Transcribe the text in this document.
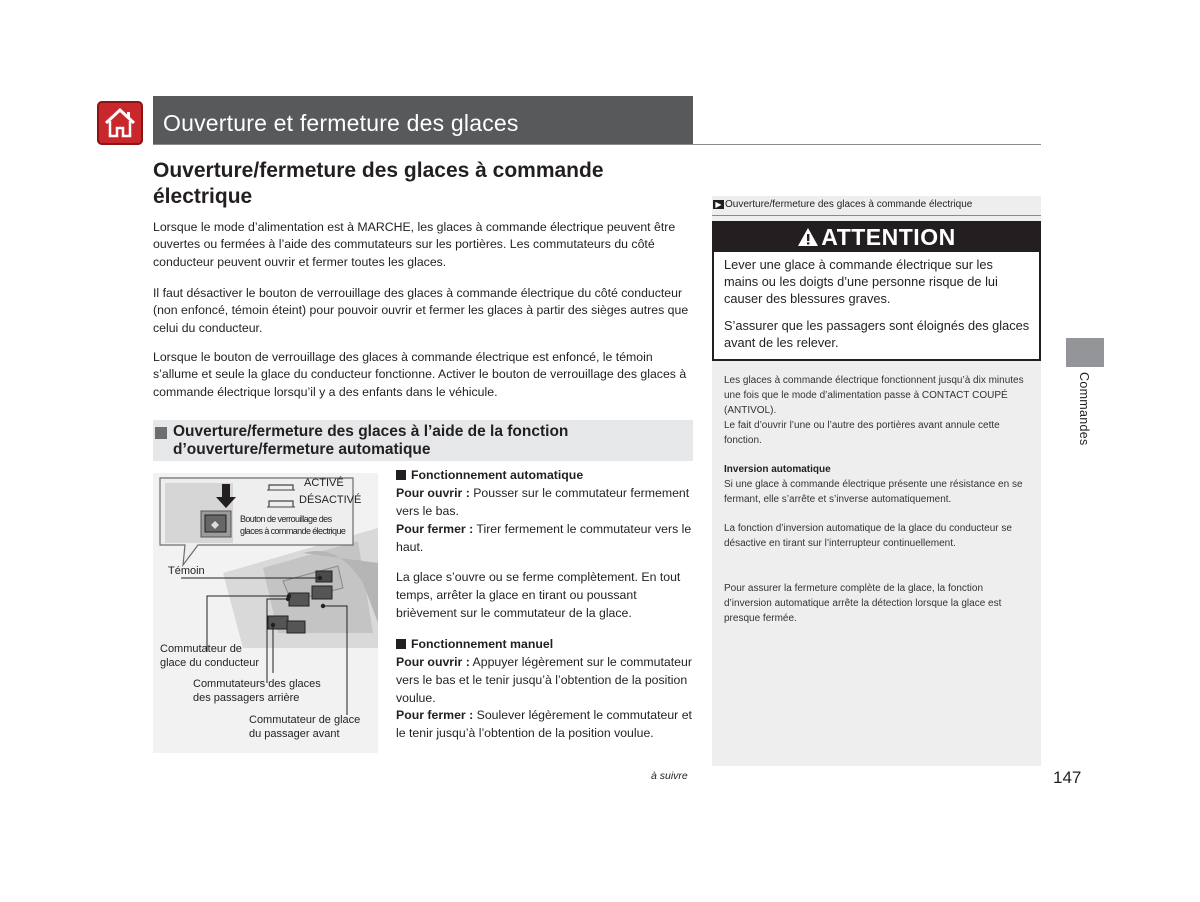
Ouverture et fermeture des glaces
Ouverture/fermeture des glaces à commande électrique

Lorsque le mode d’alimentation est à MARCHE, les glaces à commande électrique peuvent être ouvertes ou fermées à l’aide des commutateurs sur les portières. Les commutateurs du côté conducteur peuvent ouvrir et fermer toutes les glaces.

Il faut désactiver le bouton de verrouillage des glaces à commande électrique du côté conducteur (non enfoncé, témoin éteint) pour pouvoir ouvrir et fermer les glaces à partir des sièges autres que celui du conducteur.

Lorsque le bouton de verrouillage des glaces à commande électrique est enfoncé, le témoin s’allume et seule la glace du conducteur fonctionne. Activer le bouton de verrouillage des glaces à commande électrique lorsqu’il y a des enfants dans le véhicule.

Ouverture/fermeture des glaces à l’aide de la fonction
d’ouverture/fermeture automatique
ACTIVÉ
DÉSACTIVÉ
Bouton de verrouillage des
glaces à commande électrique
Témoin
Commutateur de
glace du conducteur
Commutateurs des glaces
des passagers arrière
Commutateur de glace
du passager avant
Fonctionnement automatique

Pour ouvrir : Pousser sur le commutateur fermement vers le bas.

Pour fermer : Tirer fermement le commutateur vers le haut.

La glace s’ouvre ou se ferme complètement. En tout temps, arrêter la glace en tirant ou poussant brièvement sur le commutateur de la glace.

Fonctionnement manuel

Pour ouvrir : Appuyer légèrement sur le commutateur vers le bas et le tenir jusqu’à l’obtention de la position voulue.

Pour fermer : Soulever légèrement le commutateur et le tenir jusqu’à l’obtention de la position voulue.

▶ Ouverture/fermeture des glaces à commande électrique
ATTENTION

Lever une glace à commande électrique sur les mains ou les doigts d’une personne risque de lui causer des blessures graves.

S’assurer que les passagers sont éloignés des glaces avant de les relever.

Les glaces à commande électrique fonctionnent jusqu’à dix minutes une fois que le mode d’alimentation passe à CONTACT COUPÉ (ANTIVOL).

Le fait d’ouvrir l’une ou l’autre des portières avant annule cette fonction.

Inversion automatique

Si une glace à commande électrique présente une résistance en se fermant, elle s’arrête et s’inverse automatiquement.

La fonction d’inversion automatique de la glace du conducteur se désactive en tirant sur l’interrupteur continuellement.

Pour assurer la fermeture complète de la glace, la fonction d’inversion automatique arrête la détection lorsque la glace est presque fermée.

Commandes
à suivre	147
